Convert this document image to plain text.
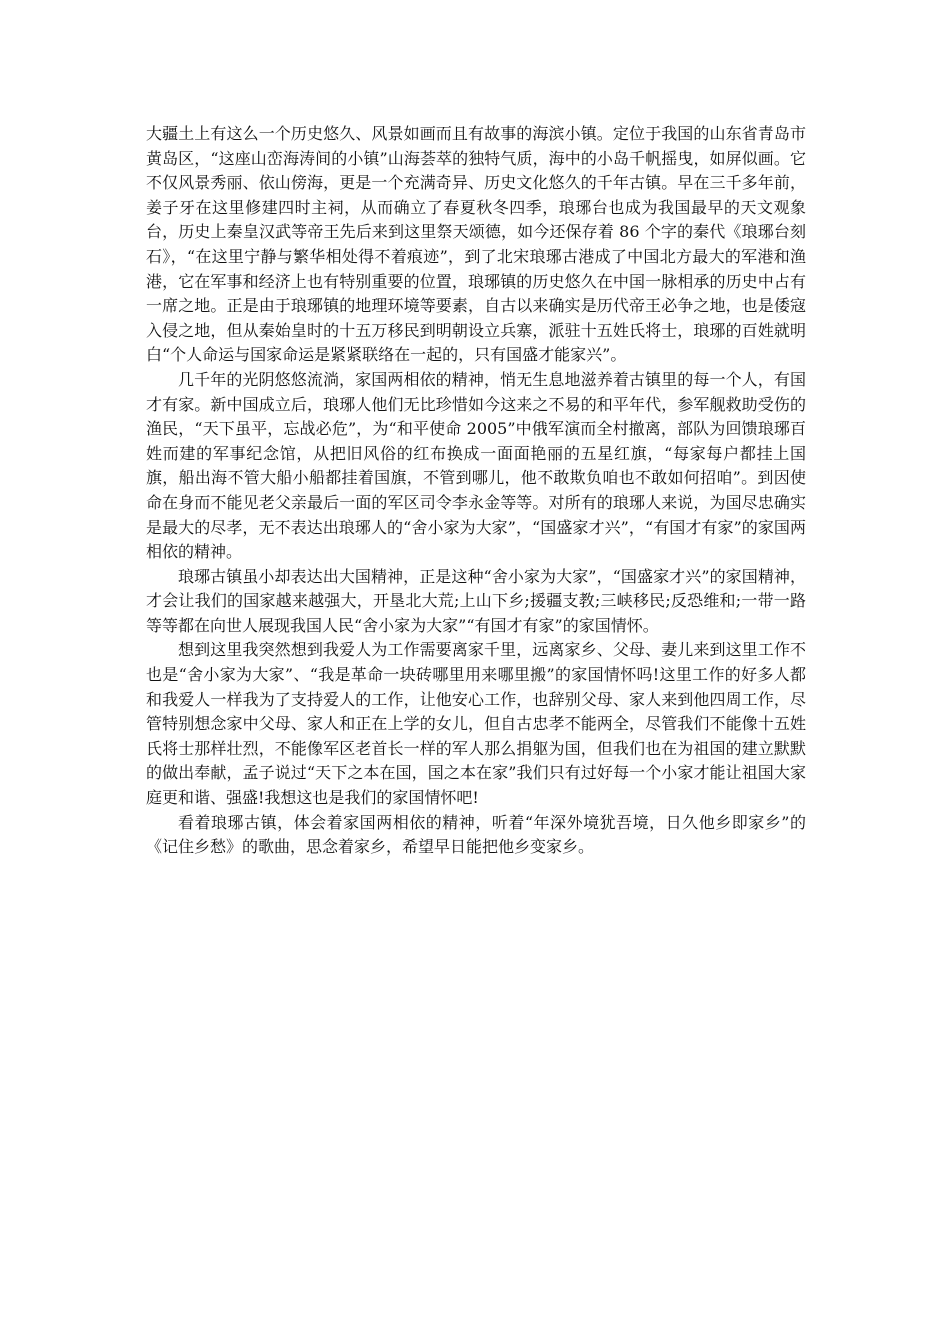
大疆土上有这么一个历史悠久、风景如画而且有故事的海滨小镇。定位于我国的山东省青岛市黄岛区，“这座山峦海涛间的小镇”山海荟萃的独特气质，海中的小岛千帆摇曳，如屏似画。它不仅风景秀丽、依山傍海，更是一个充满奇异、历史文化悠久的千年古镇。早在三千多年前，姜子牙在这里修建四时主祠，从而确立了春夏秋冬四季，琅琊台也成为我国最早的天文观象台，历史上秦皇汉武等帝王先后来到这里祭天颂德，如今还保存着 86 个字的秦代《琅琊台刻石》，“在这里宁静与繁华相处得不着痕迹”，到了北宋琅琊古港成了中国北方最大的军港和渔港，它在军事和经济上也有特别重要的位置，琅琊镇的历史悠久在中国一脉相承的历史中占有一席之地。正是由于琅琊镇的地理环境等要素，自古以来确实是历代帝王必争之地，也是倭寇入侵之地，但从秦始皇时的十五万移民到明朝设立兵寨，派驻十五姓氏将士，琅琊的百姓就明白“个人命运与国家命运是紧紧联络在一起的，只有国盛才能家兴”。

几千年的光阴悠悠流淌，家国两相依的精神，悄无生息地滋养着古镇里的每一个人，有国才有家。新中国成立后，琅琊人他们无比珍惜如今这来之不易的和平年代，参军舰救助受伤的渔民，“天下虽平，忘战必危”，为“和平使命 2005”中俄军演而全村撤离，部队为回馈琅琊百姓而建的军事纪念馆，从把旧风俗的红布换成一面面艳丽的五星红旗，“每家每户都挂上国旗，船出海不管大船小船都挂着国旗，不管到哪儿，他不敢欺负咱也不敢如何招咱”。到因使命在身而不能见老父亲最后一面的军区司令李永金等等。对所有的琅琊人来说，为国尽忠确实是最大的尽孝，无不表达出琅琊人的“舍小家为大家”，“国盛家才兴”，“有国才有家”的家国两相依的精神。

琅琊古镇虽小却表达出大国精神，正是这种“舍小家为大家”，“国盛家才兴”的家国精神，才会让我们的国家越来越强大，开垦北大荒;上山下乡;援疆支教;三峡移民;反恐维和;一带一路等等都在向世人展现我国人民“舍小家为大家”“有国才有家”的家国情怀。

想到这里我突然想到我爱人为工作需要离家千里，远离家乡、父母、妻儿来到这里工作不也是“舍小家为大家”、“我是革命一块砖哪里用来哪里搬”的家国情怀吗!这里工作的好多人都和我爱人一样我为了支持爱人的工作，让他安心工作，也辞别父母、家人来到他四周工作，尽管特别想念家中父母、家人和正在上学的女儿，但自古忠孝不能两全，尽管我们不能像十五姓氏将士那样壮烈，不能像军区老首长一样的军人那么捐躯为国，但我们也在为祖国的建立默默的做出奉献，孟子说过“天下之本在国，国之本在家”我们只有过好每一个小家才能让祖国大家庭更和谐、强盛!我想这也是我们的家国情怀吧!

看着琅琊古镇，体会着家国两相依的精神，听着“年深外境犹吾境，日久他乡即家乡”的《记住乡愁》的歌曲，思念着家乡，希望早日能把他乡变家乡。
